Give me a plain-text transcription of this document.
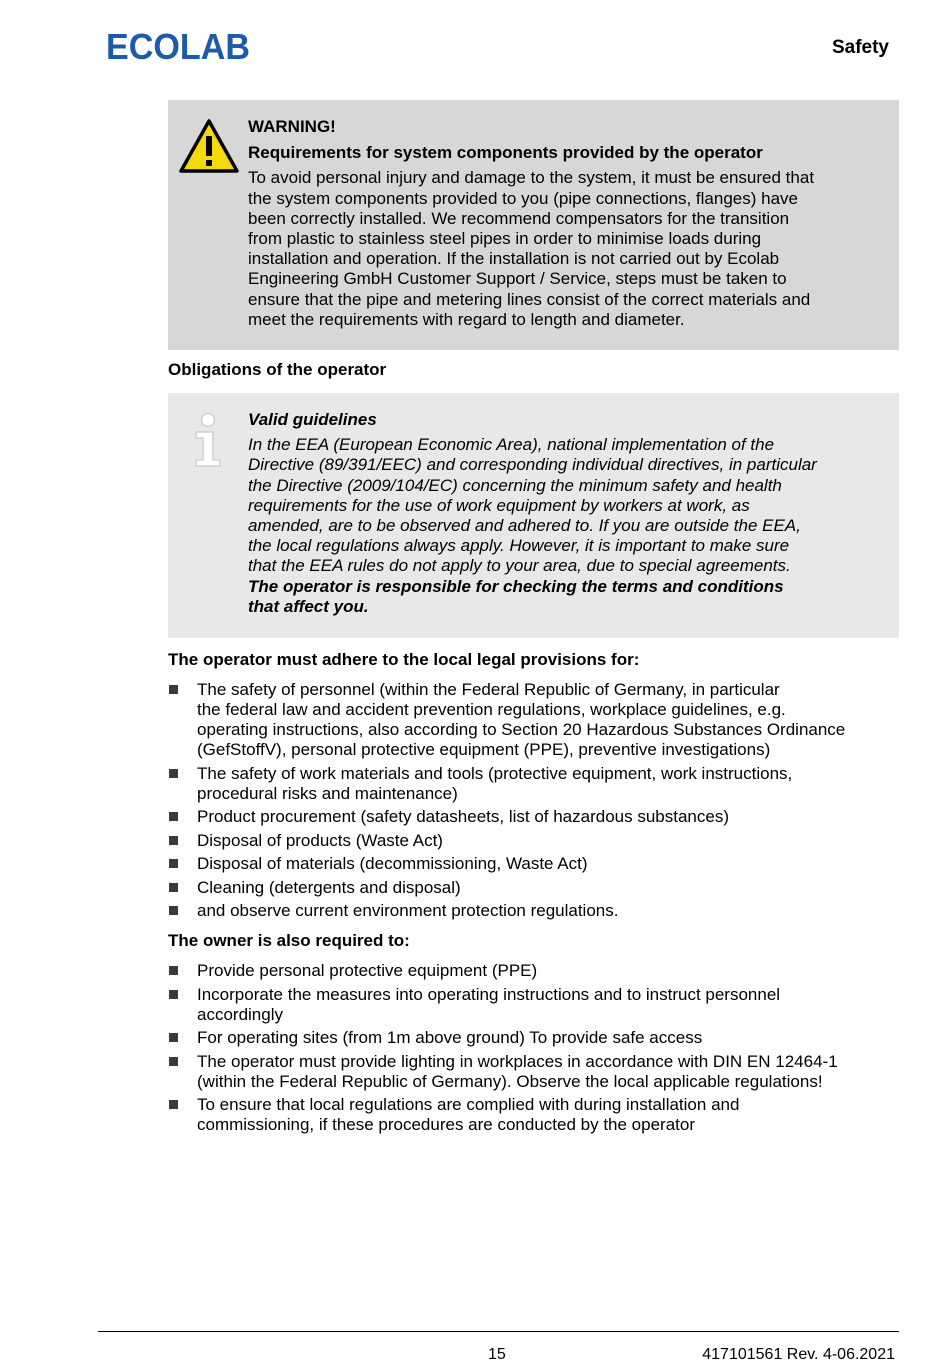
ECOLAB	Safety
WARNING!
Requirements for system components provided by the operator
To avoid personal injury and damage to the system, it must be ensured that
the system components provided to you (pipe connections, flanges) have
been correctly installed. We recommend compensators for the transition
from plastic to stainless steel pipes in order to minimise loads during
installation and operation. If the installation is not carried out by Ecolab
Engineering GmbH Customer Support / Service, steps must be taken to
ensure that the pipe and metering lines consist of the correct materials and
meet the requirements with regard to length and diameter.
Obligations of the operator
Valid guidelines
In the EEA (European Economic Area), national implementation of the
Directive (89/391/EEC) and corresponding individual directives, in particular
the Directive (2009/104/EC) concerning the minimum safety and health
requirements for the use of work equipment by workers at work, as
amended, are to be observed and adhered to. If you are outside the EEA,
the local regulations always apply. However, it is important to make sure
that the EEA rules do not apply to your area, due to special agreements.
The operator is responsible for checking the terms and conditions
that affect you.
The operator must adhere to the local legal provisions for:
The safety of personnel (within the Federal Republic of Germany, in particular
the federal law and accident prevention regulations, workplace guidelines, e.g.
operating instructions, also according to Section 20 Hazardous Substances Ordinance
(GefStoffV), personal protective equipment (PPE), preventive investigations)
The safety of work materials and tools (protective equipment, work instructions,
procedural risks and maintenance)
Product procurement (safety datasheets, list of hazardous substances)
Disposal of products (Waste Act)
Disposal of materials (decommissioning, Waste Act)
Cleaning (detergents and disposal)
and observe current environment protection regulations.
The owner is also required to:
Provide personal protective equipment (PPE)
Incorporate the measures into operating instructions and to instruct personnel
accordingly
For operating sites (from 1m above ground) To provide safe access
The operator must provide lighting in workplaces in accordance with DIN EN 12464-1
(within the Federal Republic of Germany). Observe the local applicable regulations!
To ensure that local regulations are complied with during installation and
commissioning, if these procedures are conducted by the operator
15	417101561 Rev. 4-06.2021
